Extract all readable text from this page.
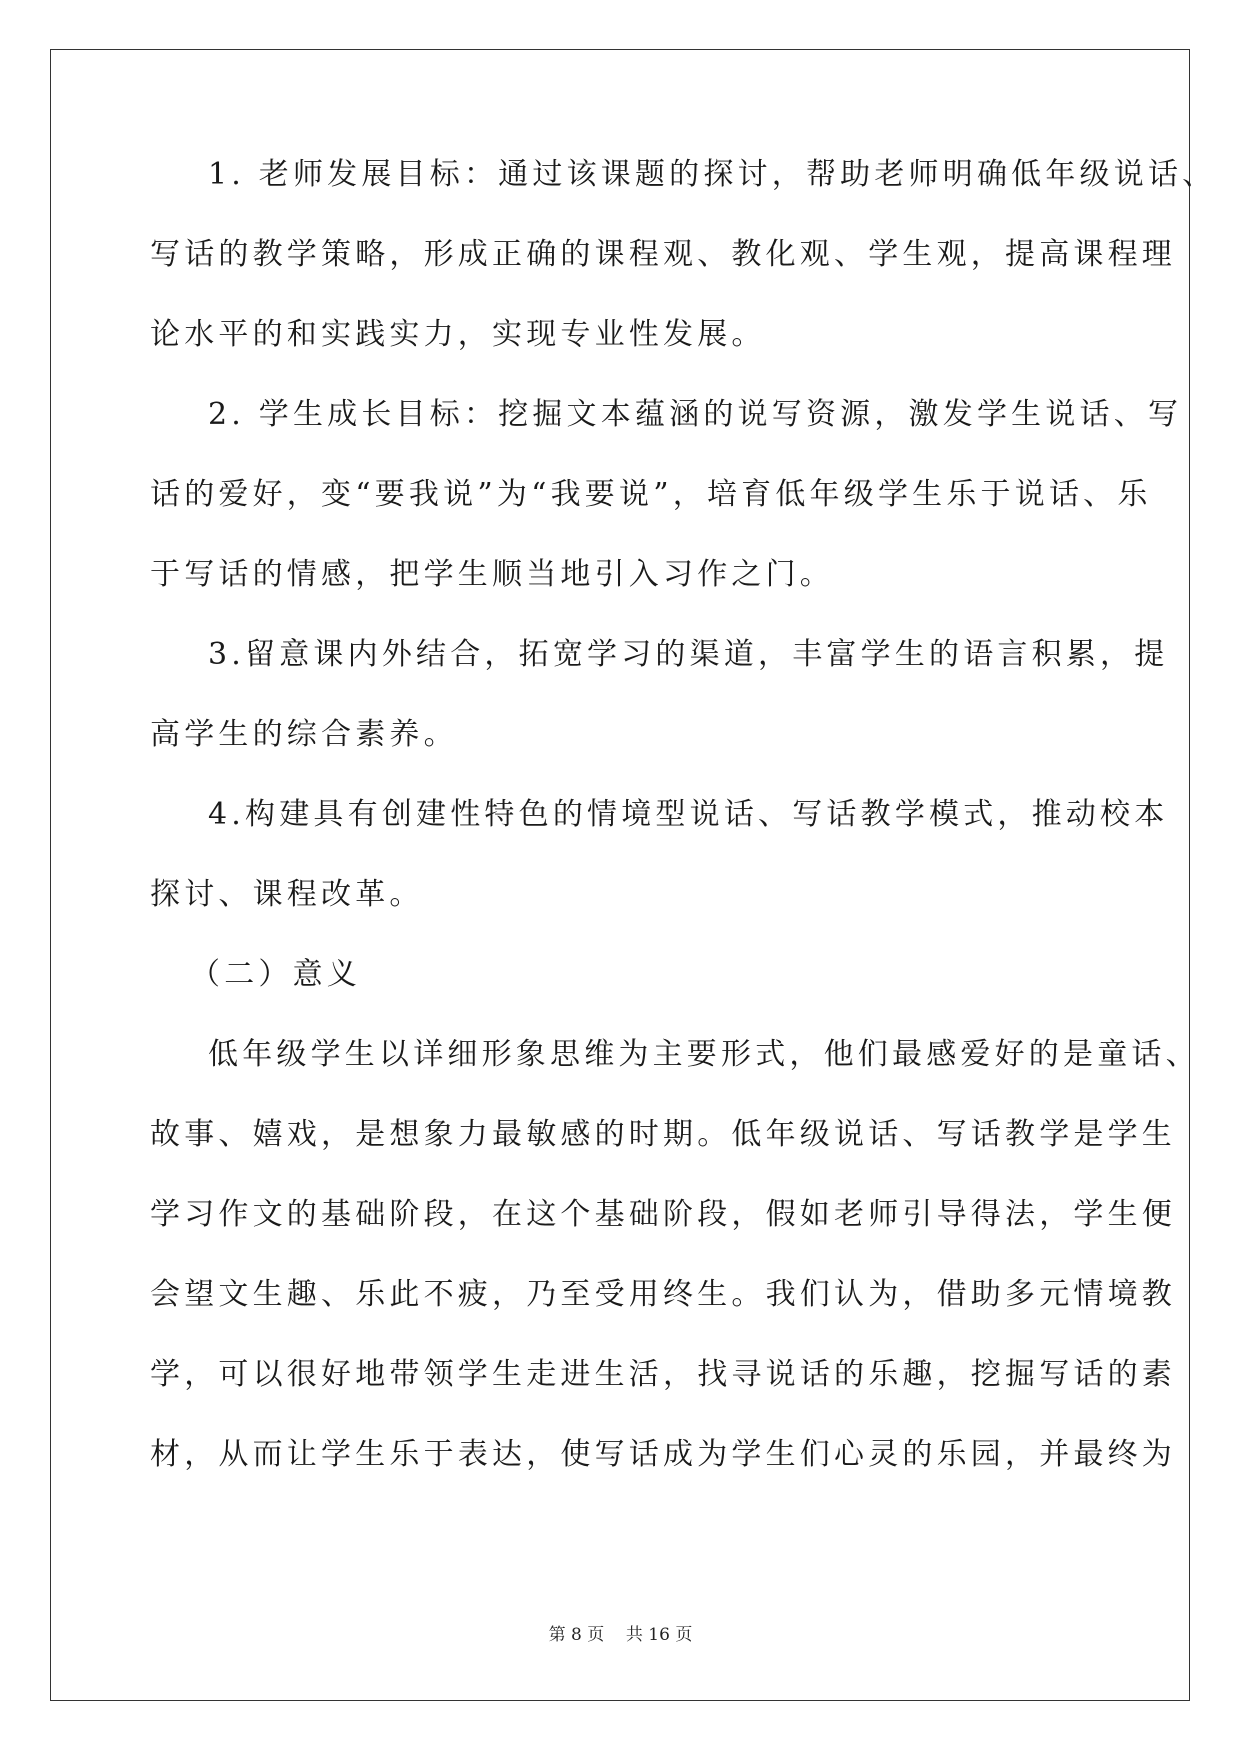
1. 老师发展目标：通过该课题的探讨，帮助老师明确低年级说话、
写话的教学策略，形成正确的课程观、教化观、学生观，提高课程理
论水平的和实践实力，实现专业性发展。
2. 学生成长目标：挖掘文本蕴涵的说写资源，激发学生说话、写
话的爱好，变“要我说”为“我要说”，培育低年级学生乐于说话、乐
于写话的情感，把学生顺当地引入习作之门。
3.留意课内外结合，拓宽学习的渠道，丰富学生的语言积累，提
高学生的综合素养。
4.构建具有创建性特色的情境型说话、写话教学模式，推动校本
探讨、课程改革。
（二）意义
低年级学生以详细形象思维为主要形式，他们最感爱好的是童话、
故事、嬉戏，是想象力最敏感的时期。低年级说话、写话教学是学生
学习作文的基础阶段，在这个基础阶段，假如老师引导得法，学生便
会望文生趣、乐此不疲，乃至受用终生。我们认为，借助多元情境教
学，可以很好地带领学生走进生活，找寻说话的乐趣，挖掘写话的素
材，从而让学生乐于表达，使写话成为学生们心灵的乐园，并最终为
第 8 页    共 16 页
